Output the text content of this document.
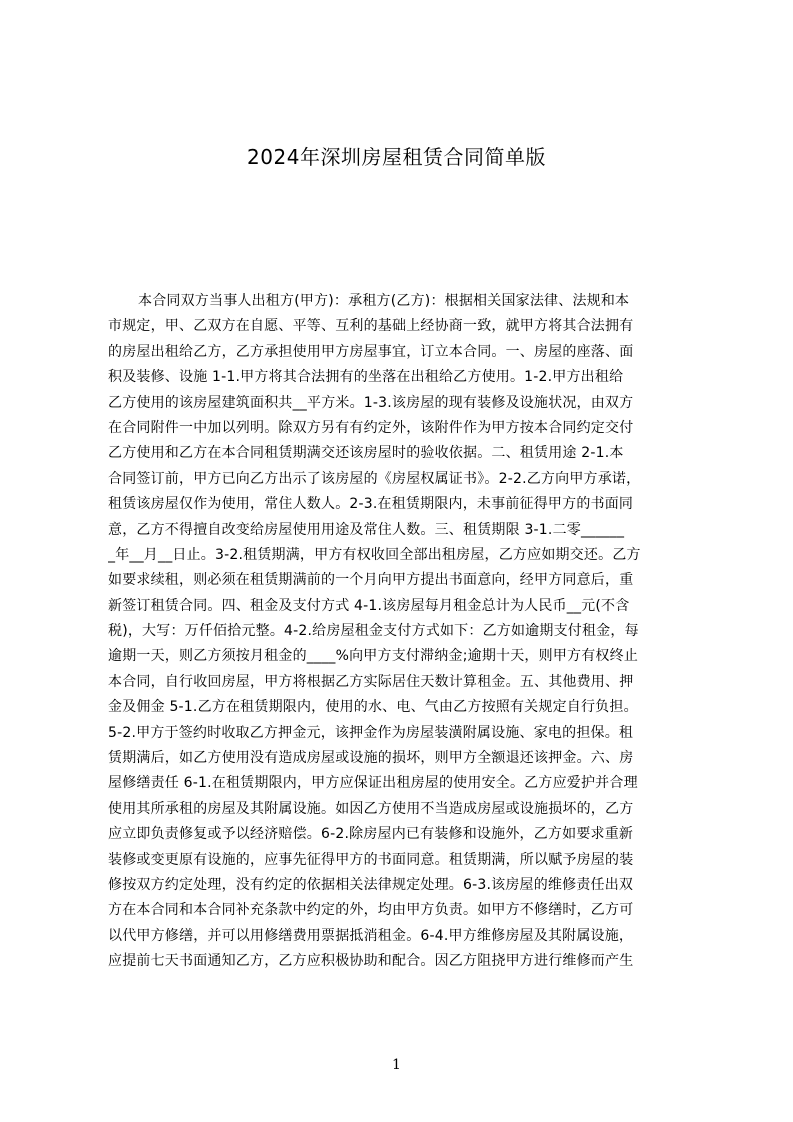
2024年深圳房屋租赁合同简单版
本合同双方当事人出租方(甲方)：承租方(乙方)：根据相关国家法律、法规和本
市规定，甲、乙双方在自愿、平等、互利的基础上经协商一致，就甲方将其合法拥有
的房屋出租给乙方，乙方承担使用甲方房屋事宜，订立本合同。一、房屋的座落、面
积及装修、设施 1-1.甲方将其合法拥有的坐落在出租给乙方使用。1-2.甲方出租给
乙方使用的该房屋建筑面积共__平方米。1-3.该房屋的现有装修及设施状况，由双方
在合同附件一中加以列明。除双方另有有约定外，该附件作为甲方按本合同约定交付
乙方使用和乙方在本合同租赁期满交还该房屋时的验收依据。二、租赁用途 2-1.本
合同签订前，甲方已向乙方出示了该房屋的《房屋权属证书》。2-2.乙方向甲方承诺，
租赁该房屋仅作为使用，常住人数人。2-3.在租赁期限内，未事前征得甲方的书面同
意，乙方不得擅自改变给房屋使用用途及常住人数。三、租赁期限 3-1.二零______
_年__月__日止。3-2.租赁期满，甲方有权收回全部出租房屋，乙方应如期交还。乙方
如要求续租，则必须在租赁期满前的一个月向甲方提出书面意向，经甲方同意后，重
新签订租赁合同。四、租金及支付方式 4-1.该房屋每月租金总计为人民币__元(不含
税)，大写：万仟佰拾元整。4-2.给房屋租金支付方式如下：乙方如逾期支付租金，每
逾期一天，则乙方须按月租金的____%向甲方支付滞纳金;逾期十天，则甲方有权终止
本合同，自行收回房屋，甲方将根据乙方实际居住天数计算租金。五、其他费用、押
金及佣金 5-1.乙方在租赁期限内，使用的水、电、气由乙方按照有关规定自行负担。
5-2.甲方于签约时收取乙方押金元，该押金作为房屋装潢附属设施、家电的担保。租
赁期满后，如乙方使用没有造成房屋或设施的损坏，则甲方全额退还该押金。六、房
屋修缮责任 6-1.在租赁期限内，甲方应保证出租房屋的使用安全。乙方应爱护并合理
使用其所承租的房屋及其附属设施。如因乙方使用不当造成房屋或设施损坏的，乙方
应立即负责修复或予以经济赔偿。6-2.除房屋内已有装修和设施外，乙方如要求重新
装修或变更原有设施的，应事先征得甲方的书面同意。租赁期满，所以赋予房屋的装
修按双方约定处理，没有约定的依据相关法律规定处理。6-3.该房屋的维修责任出双
方在本合同和本合同补充条款中约定的外，均由甲方负责。如甲方不修缮时，乙方可
以代甲方修缮，并可以用修缮费用票据抵消租金。6-4.甲方维修房屋及其附属设施，
应提前七天书面通知乙方，乙方应积极协助和配合。因乙方阻挠甲方进行维修而产生
1
